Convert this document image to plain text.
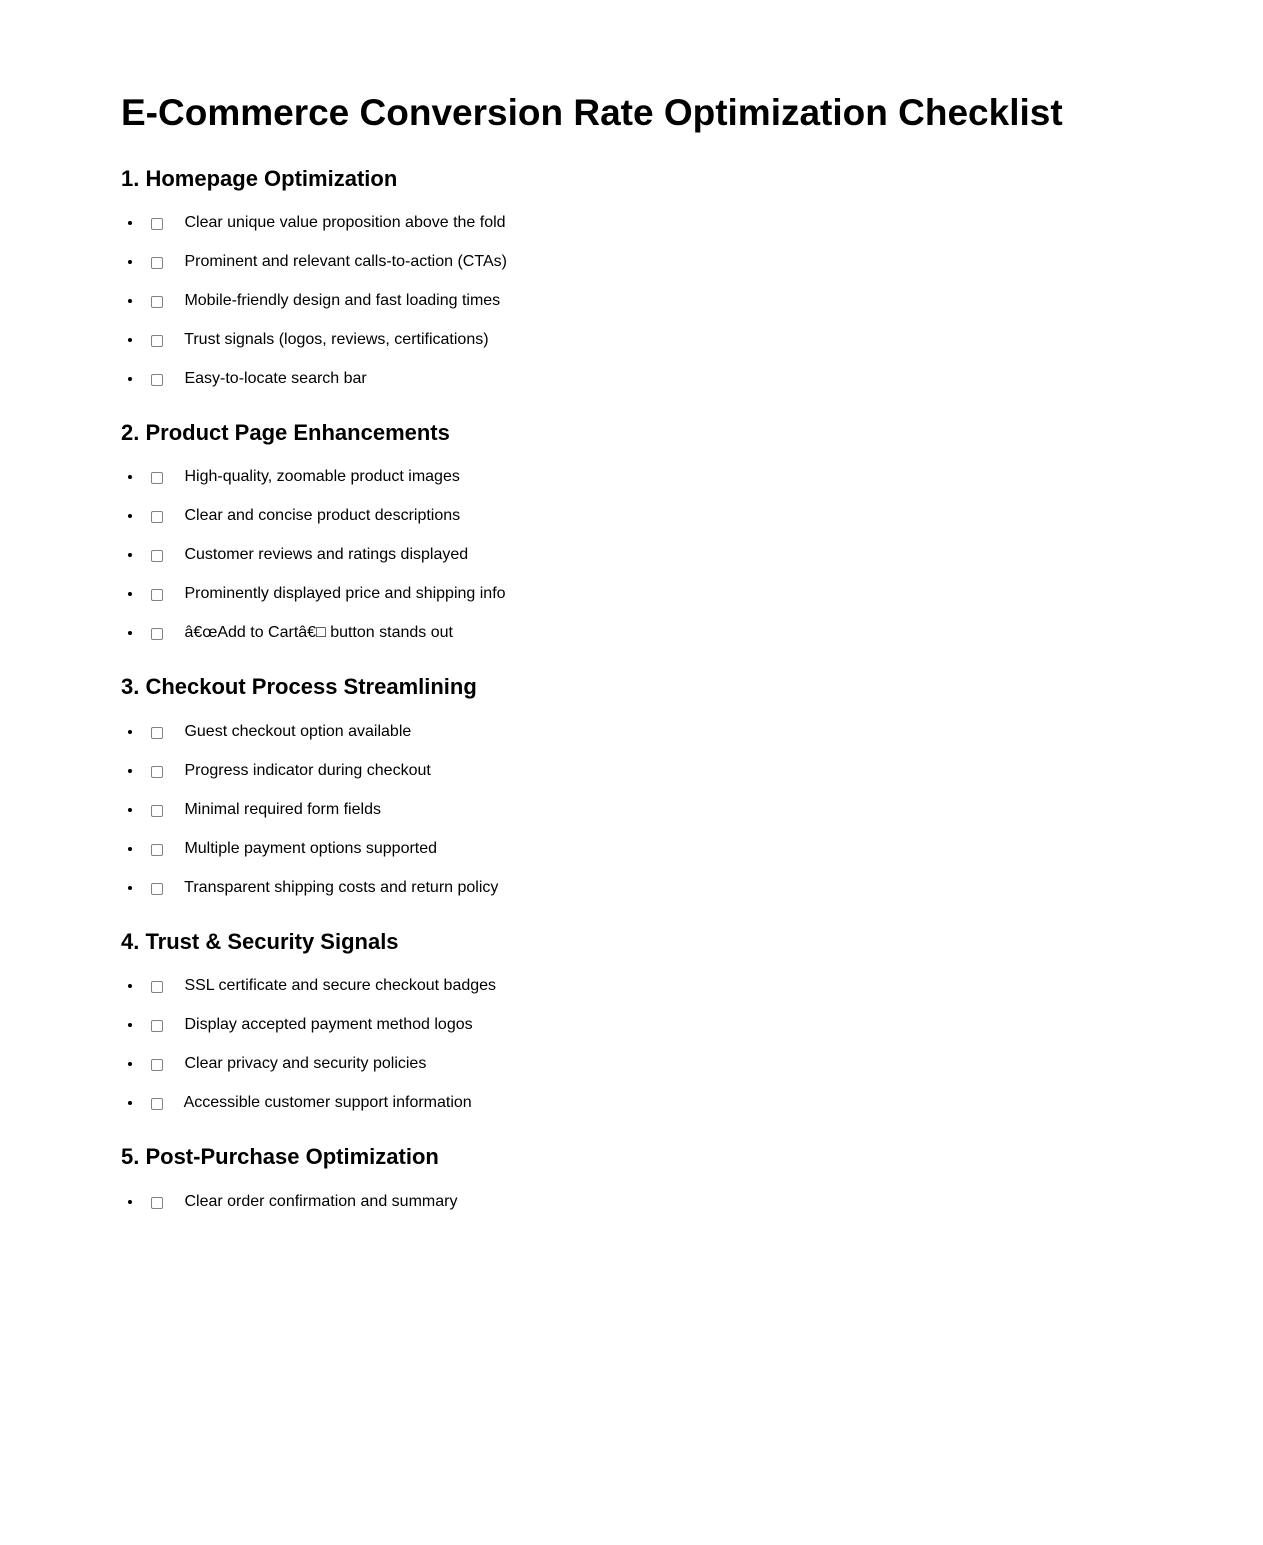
E-Commerce Conversion Rate Optimization Checklist
1. Homepage Optimization
• Clear unique value proposition above the fold
• Prominent and relevant calls-to-action (CTAs)
• Mobile-friendly design and fast loading times
• Trust signals (logos, reviews, certifications)
• Easy-to-locate search bar
2. Product Page Enhancements
• High-quality, zoomable product images
• Clear and concise product descriptions
• Customer reviews and ratings displayed
• Prominently displayed price and shipping info
• â€œAdd to Cartâ€□ button stands out
3. Checkout Process Streamlining
• Guest checkout option available
• Progress indicator during checkout
• Minimal required form fields
• Multiple payment options supported
• Transparent shipping costs and return policy
4. Trust & Security Signals
• SSL certificate and secure checkout badges
• Display accepted payment method logos
• Clear privacy and security policies
• Accessible customer support information
5. Post-Purchase Optimization
• Clear order confirmation and summary
